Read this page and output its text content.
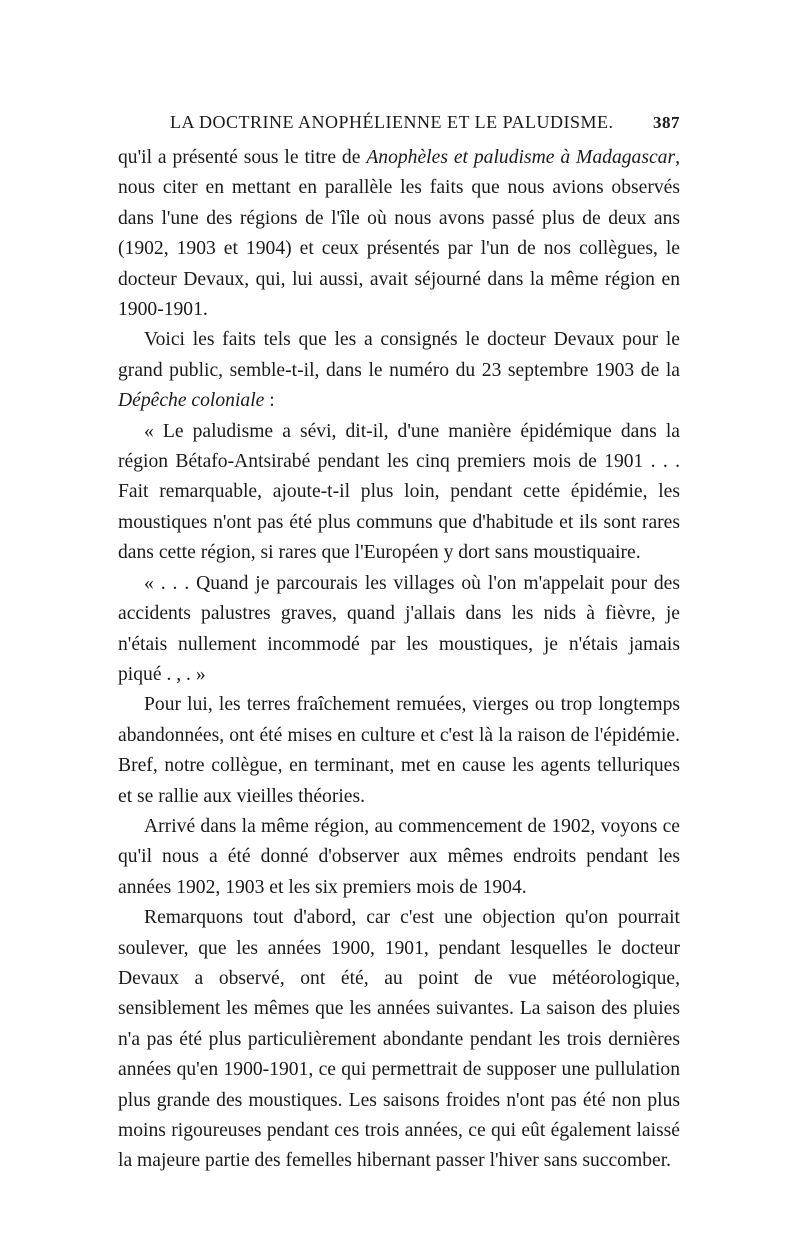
LA DOCTRINE ANOPHÉLIENNE ET LE PALUDISME. 387

qu'il a présenté sous le titre de Anophèles et paludisme à Madagascar, nous citer en mettant en parallèle les faits que nous avions observés dans l'une des régions de l'île où nous avons passé plus de deux ans (1902, 1903 et 1904) et ceux présentés par l'un de nos collègues, le docteur Devaux, qui, lui aussi, avait séjourné dans la même région en 1900-1901.

Voici les faits tels que les a consignés le docteur Devaux pour le grand public, semble-t-il, dans le numéro du 23 septembre 1903 de la Dépêche coloniale :

« Le paludisme a sévi, dit-il, d'une manière épidémique dans la région Bétafo-Antsirabé pendant les cinq premiers mois de 1901 . . . Fait remarquable, ajoute-t-il plus loin, pendant cette épidémie, les moustiques n'ont pas été plus communs que d'habitude et ils sont rares dans cette région, si rares que l'Européen y dort sans moustiquaire.

« . . . Quand je parcourais les villages où l'on m'appelait pour des accidents palustres graves, quand j'allais dans les nids à fièvre, je n'étais nullement incommodé par les moustiques, je n'étais jamais piqué . , . »

Pour lui, les terres fraîchement remuées, vierges ou trop longtemps abandonnées, ont été mises en culture et c'est là la raison de l'épidémie. Bref, notre collègue, en terminant, met en cause les agents telluriques et se rallie aux vieilles théories.

Arrivé dans la même région, au commencement de 1902, voyons ce qu'il nous a été donné d'observer aux mêmes endroits pendant les années 1902, 1903 et les six premiers mois de 1904.

Remarquons tout d'abord, car c'est une objection qu'on pourrait soulever, que les années 1900, 1901, pendant lesquelles le docteur Devaux a observé, ont été, au point de vue météorologique, sensiblement les mêmes que les années suivantes. La saison des pluies n'a pas été plus particulièrement abondante pendant les trois dernières années qu'en 1900-1901, ce qui permettrait de supposer une pullulation plus grande des moustiques. Les saisons froides n'ont pas été non plus moins rigoureuses pendant ces trois années, ce qui eût également laissé la majeure partie des femelles hibernant passer l'hiver sans succomber.
